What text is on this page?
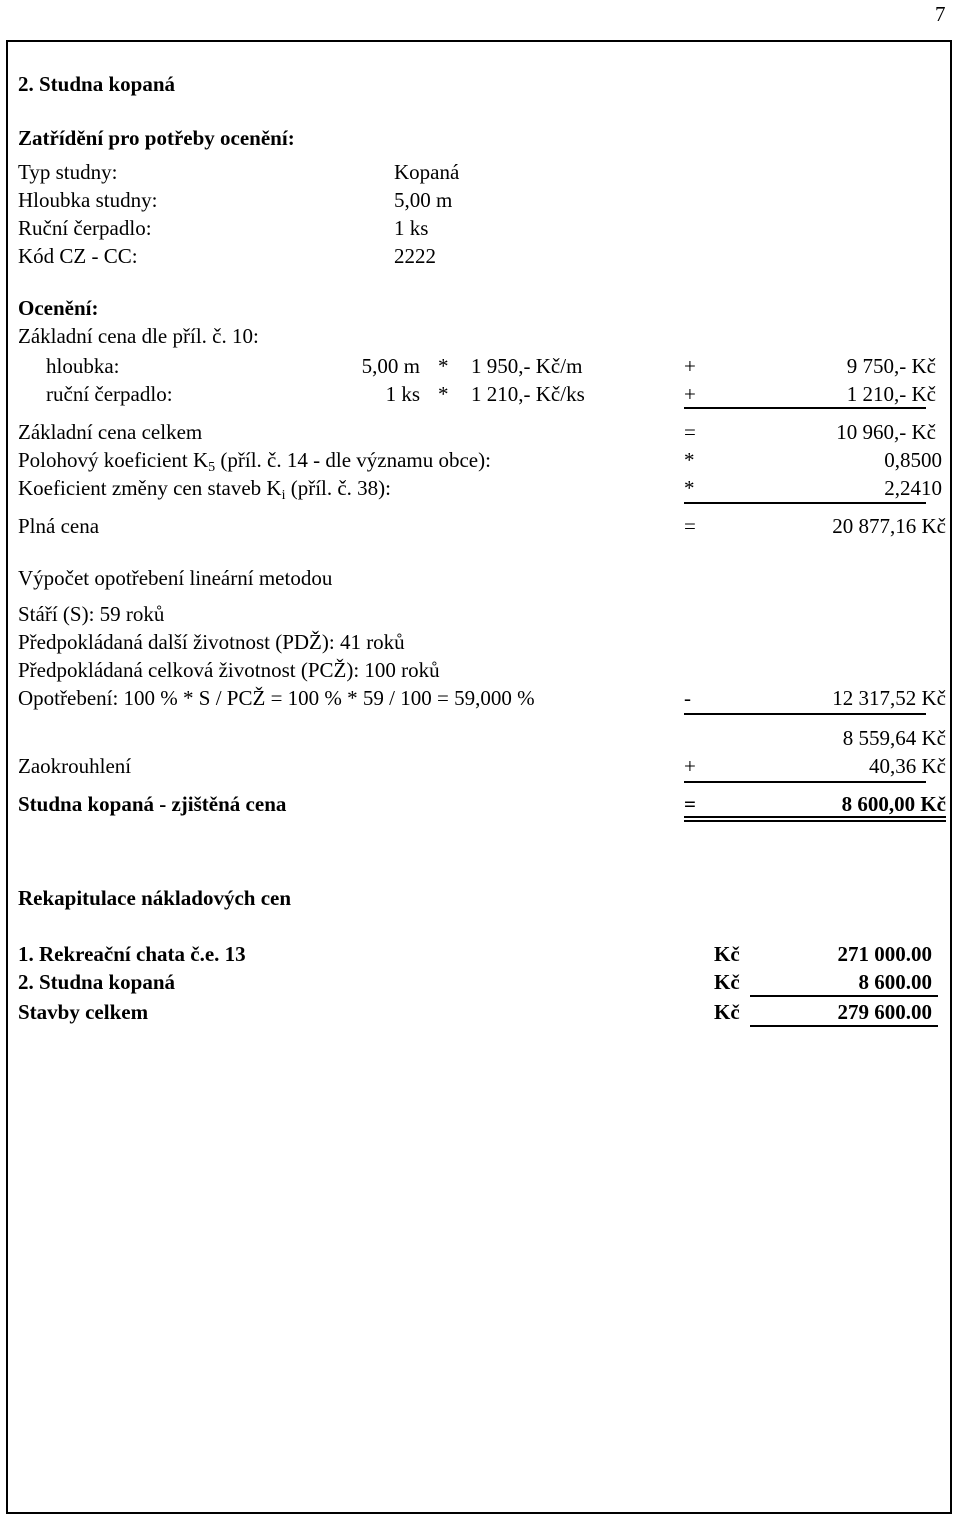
7
2. Studna kopaná
Zatřídění pro potřeby ocenění:
Typ studny:	Kopaná
Hloubka studny:	5,00 m
Ruční čerpadlo:	1 ks
Kód CZ - CC:	2222
Ocenění:
Základní cena dle příl. č. 10:
hloubka:	5,00 m * 1 950,- Kč/m	+	9 750,- Kč
ruční čerpadlo:	1 ks * 1 210,- Kč/ks	+	1 210,- Kč
Základní cena celkem	=	10 960,- Kč
Polohový koeficient K5 (příl. č. 14 - dle významu obce):	*	0,8500
Koeficient změny cen staveb Ki (příl. č. 38):	*	2,2410
Plná cena	=	20 877,16 Kč
Výpočet opotřebení lineární metodou
Stáří (S): 59 roků
Předpokládaná další životnost (PDŽ): 41 roků
Předpokládaná celková životnost (PCŽ): 100 roků
Opotřebení: 100 % * S / PCŽ = 100 % * 59 / 100 = 59,000 %	-	12 317,52 Kč
8 559,64 Kč
Zaokrouhlení	+	40,36 Kč
Studna kopaná - zjištěná cena	=	8 600,00 Kč
Rekapitulace nákladových cen
1. Rekreační chata č.e. 13	Kč	271 000.00
2. Studna kopaná	Kč	8 600.00
Stavby celkem	Kč	279 600.00
